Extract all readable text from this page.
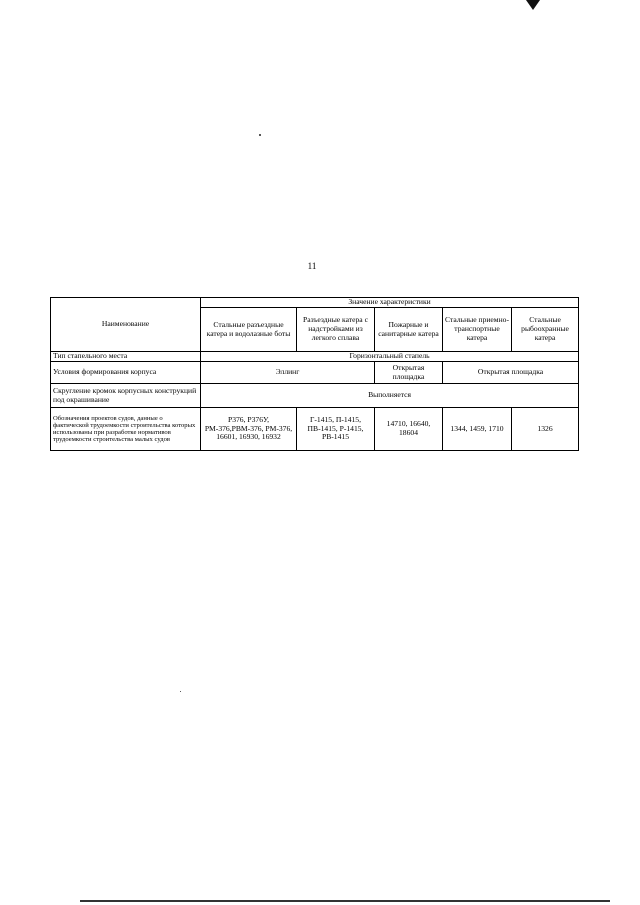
11
Наименование	Значение характеристики				
	Стальные разъездные катера и водолазные боты	Разъездные катера с надстройками из легкого сплава	Пожарные и санитарные катера	Стальные приемно-транспортные катера	Стальные рыбоохранные катера
Тип стапельного места	Горизонтальный стапель				
Условия формирования корпуса	Эллинг		Открытая площадка	Открытая площадка	
Скругление кромок корпусных конструкций под окрашивание	Выполняется				
Обозначения проектов судов, данные о фактической трудоемкости строительства которых использованы при разработке нормативов трудоемкости строительства малых судов	Р376, Р376У, РМ-376,РВМ-376, РМ-376, 16601, 16930, 16932	Г-1415, П-1415, ПВ-1415, Р-1415, РВ-1415	14710, 16640, 18604	1344, 1459, 1710	1326
